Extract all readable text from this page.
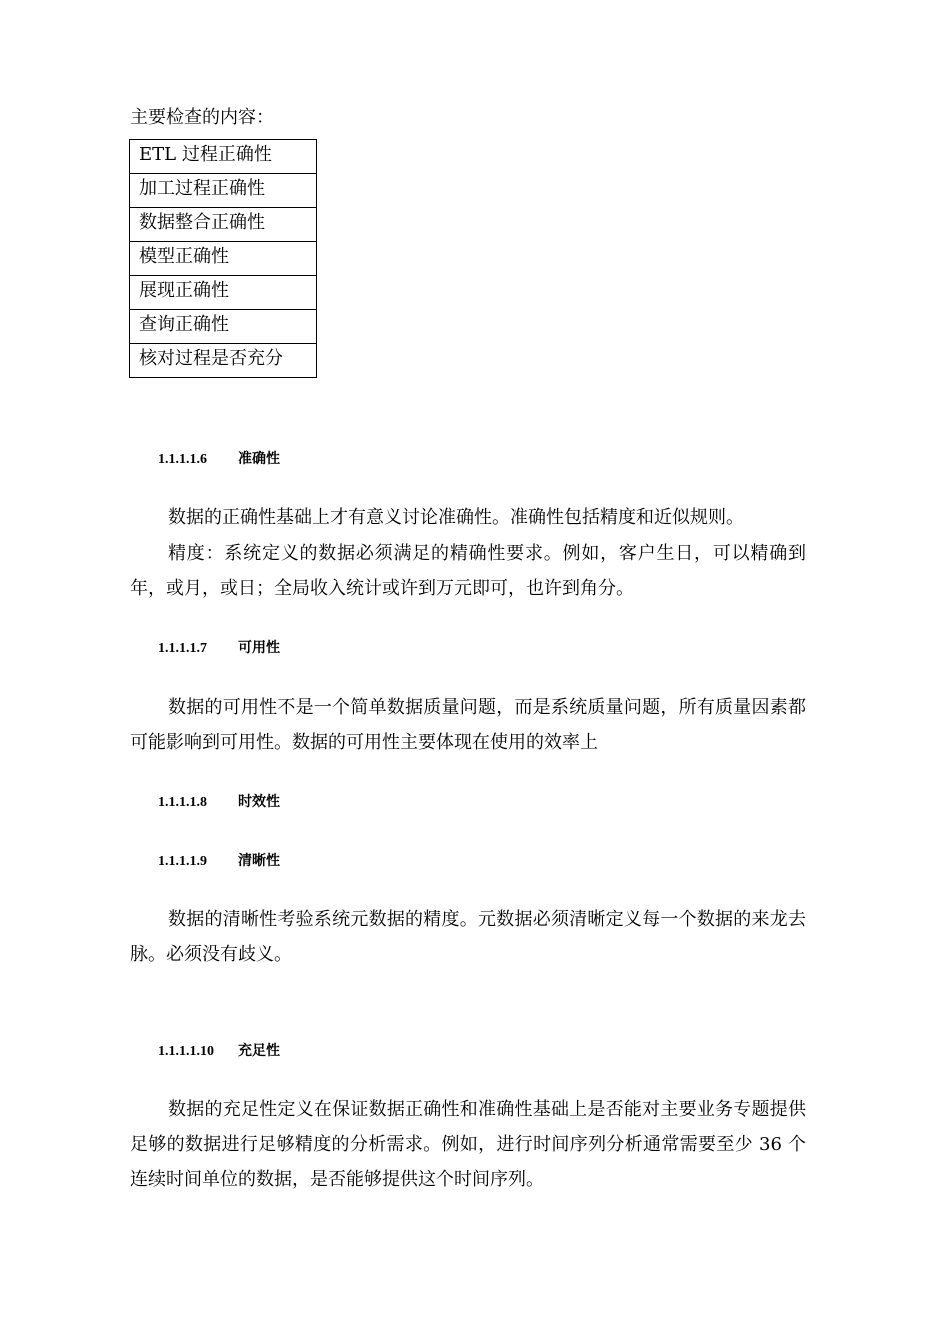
主要检查的内容：
ETL 过程正确性

加工过程正确性

数据整合正确性

模型正确性

展现正确性

查询正确性

核对过程是否充分
1.1.1.1.6 准确性

数据的正确性基础上才有意义讨论准确性。准确性包括精度和近似规则。

精度：系统定义的数据必须满足的精确性要求。例如，客户生日，可以精确到年，或月，或日；全局收入统计或许到万元即可，也许到角分。

1.1.1.1.7 可用性

数据的可用性不是一个简单数据质量问题，而是系统质量问题，所有质量因素都可能影响到可用性。数据的可用性主要体现在使用的效率上

1.1.1.1.8 时效性
1.1.1.1.9 清晰性

数据的清晰性考验系统元数据的精度。元数据必须清晰定义每一个数据的来龙去脉。必须没有歧义。

1.1.1.1.10 充足性

数据的充足性定义在保证数据正确性和准确性基础上是否能对主要业务专题提供足够的数据进行足够精度的分析需求。例如，进行时间序列分析通常需要至少 36 个连续时间单位的数据，是否能够提供这个时间序列。
